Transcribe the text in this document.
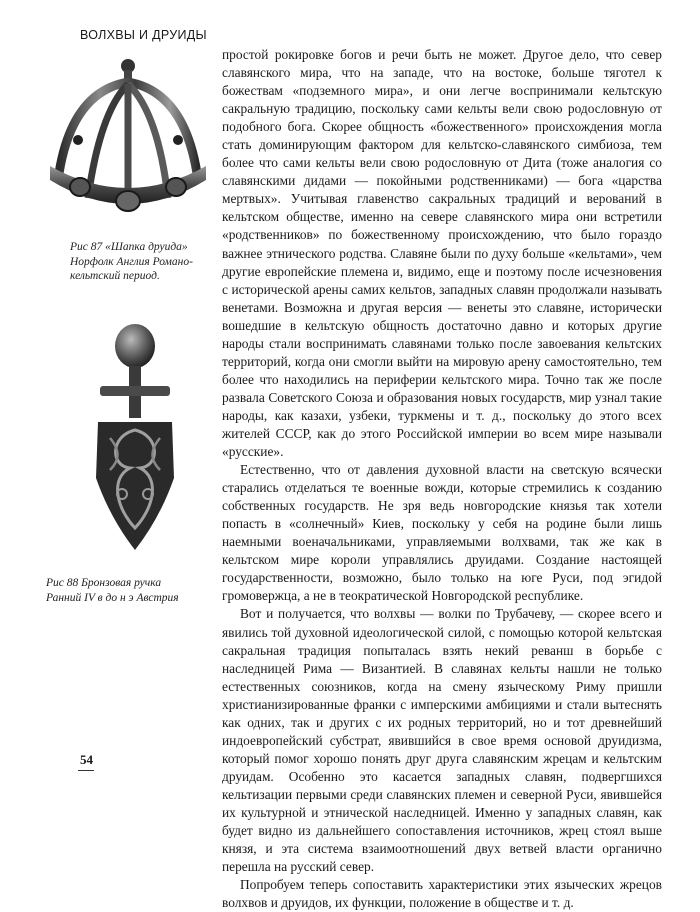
ВОЛХВЫ И ДРУИДЫ
Рис 87 «Шапка друида»
Норфолк Англия Романо-
кельтский период.
Рис 88 Бронзовая ручка
Ранний IV в до н э Австрия

простой рокировке богов и речи быть не может. Другое дело, что север славянского мира, что на западе, что на востоке, больше тяготел к божествам «подземного мира», и они легче воспринимали кельтскую сакральную традицию, поскольку сами кельты вели свою родословную от подобного бога. Скорее общность «божественного» происхождения могла стать доминирующим фактором для кельтско-славянского симбиоза, тем более что сами кельты вели свою родословную от Дита (тоже аналогия со славянскими дидами — покойными родственниками) — бога «царства мертвых». Учитывая главенство сакральных традиций и верований в кельтском обществе, именно на севере славянского мира они встретили «родственников» по божественному происхождению, что было гораздо важнее этнического родства. Славяне были по духу больше «кельтами», чем другие европейские племена и, видимо, еще и поэтому после исчезновения с исторической арены самих кельтов, западных славян продолжали называть венетами. Возможна и другая версия — венеты это славяне, исторически вошедшие в кельтскую общность достаточно давно и которых другие народы стали воспринимать славянами только после завоевания кельтских территорий, когда они смогли выйти на мировую арену самостоятельно, тем более что находились на периферии кельтского мира. Точно так же после развала Советского Союза и образования новых государств, мир узнал такие народы, как казахи, узбеки, туркмены и т. д., поскольку до этого всех жителей СССР, как до этого Российской империи во всем мире называли «русские».

Естественно, что от давления духовной власти на светскую всячески старались отделаться те военные вожди, которые стремились к созданию собственных государств. Не зря ведь новгородские князья так хотели попасть в «солнечный» Киев, поскольку у себя на родине были лишь наемными военачальниками, управляемыми волхвами, так же как в кельтском мире короли управлялись друидами. Создание настоящей государственности, возможно, было только на юге Руси, под эгидой громовержца, а не в теократической Новгородской республике.

Вот и получается, что волхвы — волки по Трубачеву, — скорее всего и явились той духовной идеологической силой, с помощью которой кельтская сакральная традиция попыталась взять некий реванш в борьбе с наследницей Рима — Византией. В славянах кельты нашли не только естественных союзников, когда на смену языческому Риму пришли христианизированные франки с имперскими амбициями и стали вытеснять как одних, так и других с их родных территорий, но и тот древнейший индоевропейский субстрат, явившийся в свое время основой друидизма, который помог хорошо понять друг друга славянским жрецам и кельтским друидам. Особенно это касается западных славян, подвергшихся кельтизации первыми среди славянских племен и северной Руси, явившейся их культурной и этнической наследницей. Именно у западных славян, как будет видно из дальнейшего сопоставления источников, жрец стоял выше князя, и эта система взаимоотношений двух ветвей власти органично перешла на русский север.

Попробуем теперь сопоставить характеристики этих языческих жрецов волхвов и друидов, их функции, положение в обществе и т. д.

54
